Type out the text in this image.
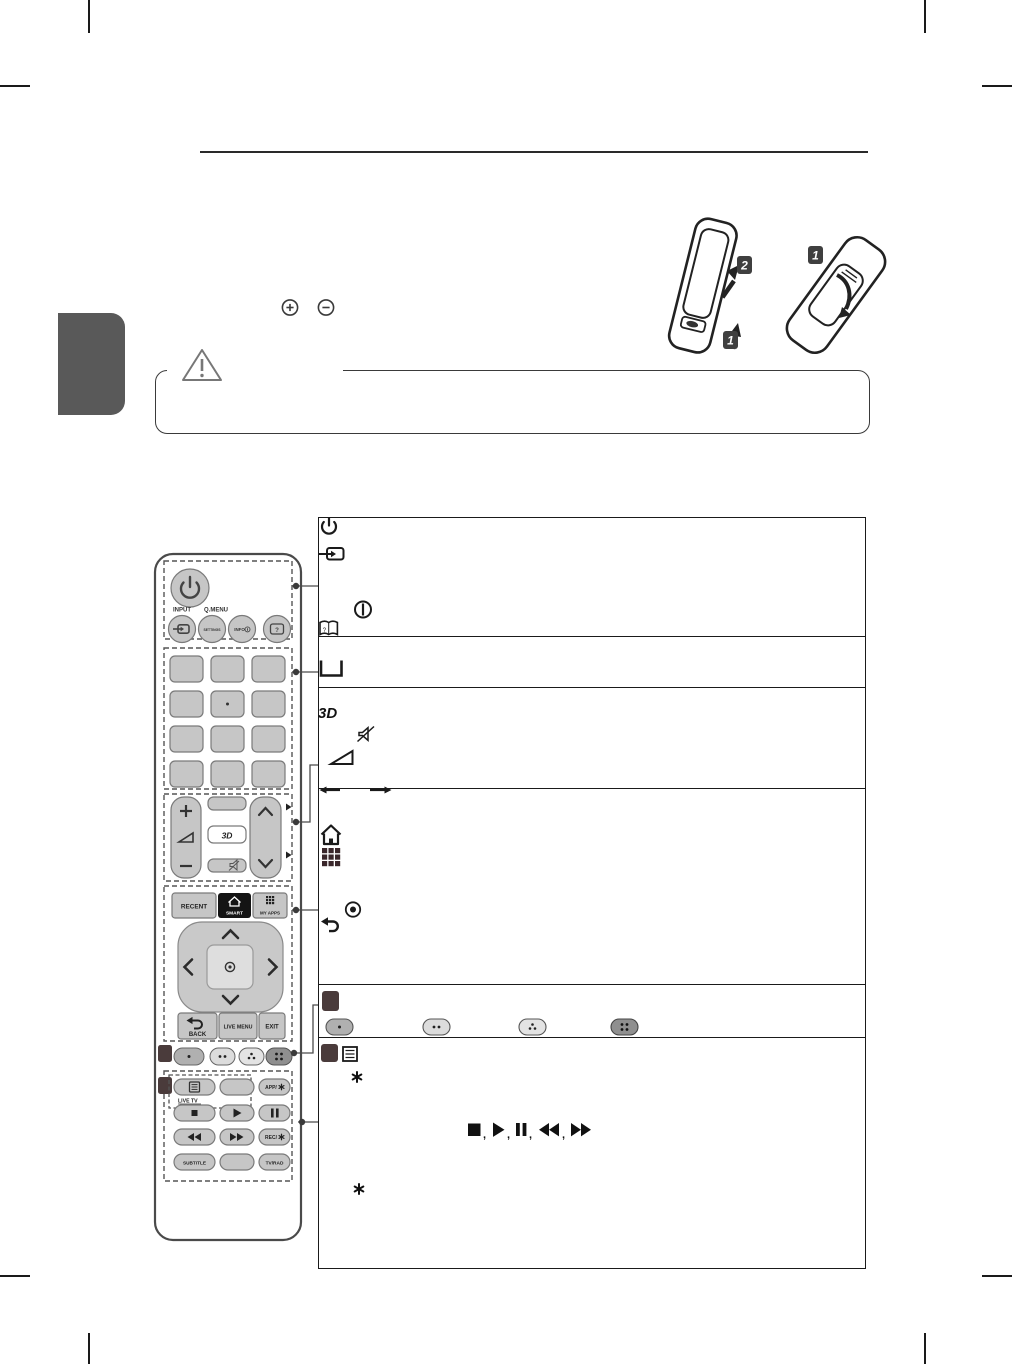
1
2
1
INPUT Q.MENU
SETTINGS	INFO	?
3D
RECENT
SMART	MY APPS
BACK
LIVE MENU EXIT
APP/
LIVE TV
REC/
SUBTITLE	TV/RAD
?
3D
, , ,	,
